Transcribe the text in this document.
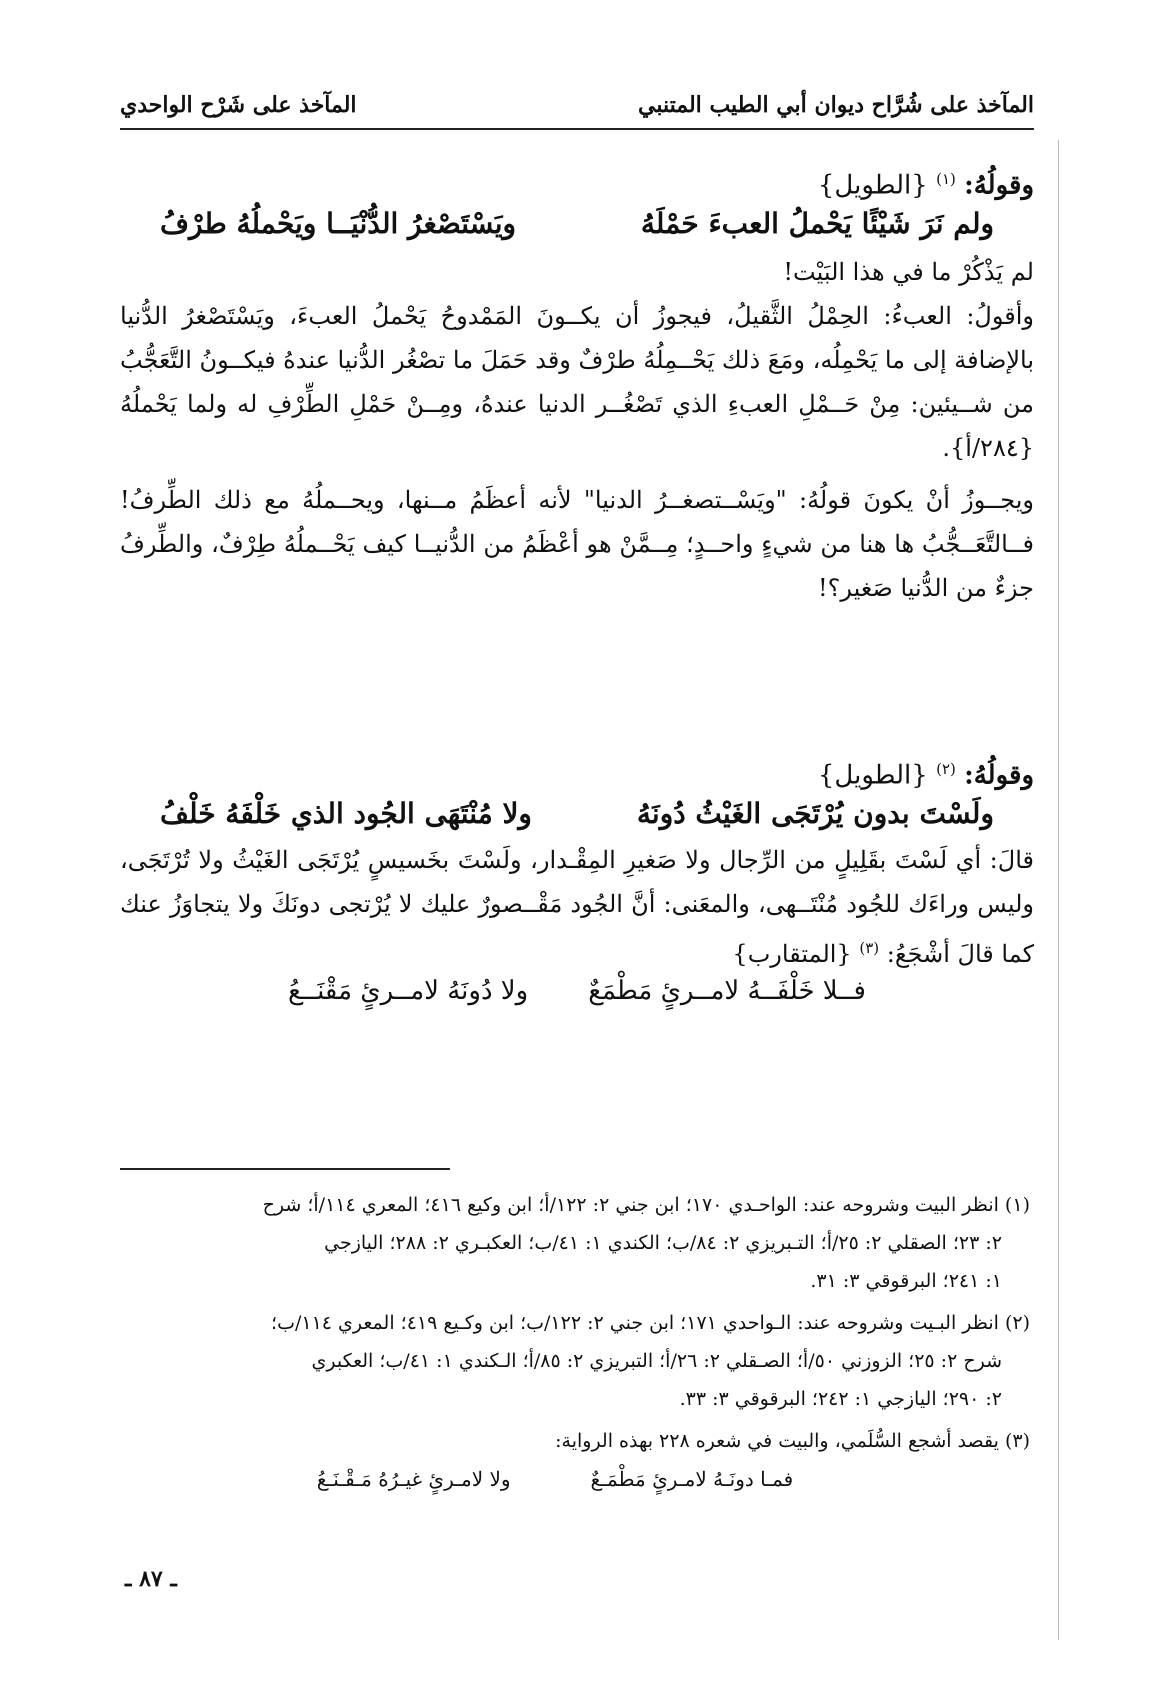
المآخذ على شُرَّاح ديوان أبي الطيب المتنبي
المآخذ على شَرْح الواحدي
وقولُهُ: $^{(١)}$ {الطويل}
ولم نَرَ شَيْئًا يَحْملُ العبءَ حَمْلَهُ
ويَسْتَصْغرُ الدُّنْيَــا ويَحْملُهُ طرْفُ

لم يَذْكُرْ ما في هذا البَيْت!

وأقولُ: العبءُ: الحِمْلُ الثَّقيلُ، فيجوزُ أن يكــونَ المَمْدوحُ يَحْملُ العبءَ، ويَسْتَصْغرُ الدُّنيا بالإضافة إلى ما يَحْمِلُه، ومَعَ ذلك يَحْــمِلُهُ طرْفٌ وقد حَمَلَ ما تصْغُر الدُّنيا عندهُ فيكــونُ التَّعَجُّبُ من شــيئين: مِنْ حَــمْلِ العبءِ الذي تَصْغُــر الدنيا عندهُ، ومِــنْ حَمْلِ الطِّرْفِ له ولما يَحْملُهُ {٢٨٤/أ}.

ويجــوزُ أنْ يكونَ قولُهُ: "ويَسْــتصغــرُ الدنيا" لأنه أعظَمُ مــنها، ويحــملُهُ مع ذلك الطِّرفُ! فــالتَّعَــجُّبُ ها هنا من شيءٍ واحــدٍ؛ مِــمَّنْ هو أعْظَمُ من الدُّنيــا كيف يَحْــملُهُ طِرْفٌ، والطِّرفُ جزءٌ من الدُّنيا صَغير؟!

وقولُهُ: $^{(٢)}$ {الطويل}
ولَسْتَ بدون يُرْتَجَى الغَيْثُ دُونَهُ
ولا مُنْتَهَى الجُود الذي خَلْفَهُ خَلْفُ

قالَ: أي لَسْتَ بقَلِيلٍ من الرِّجال ولا صَغيرِ المِقْـدار، ولَسْتَ بخَسيسٍ يُرْتَجَى الغَيْثُ ولا تُرْتَجَى، وليس وراءَك للجُود مُنْتَــهى، والمعَنى: أنَّ الجُود مَقْــصورٌ عليك لا يُرْتجى دونَكَ ولا يتجاوَزُ عنك كما قالَ أشْجَعُ: $^{(٣)}$ {المتقارب}

فــلا خَلْفَــهُ لامــرئٍ مَطْمَعٌ
ولا دُونَهُ لامــرئٍ مَقْنَــعُ
(١) انظر البيت وشروحه عند: الواحـدي ١٧٠؛ ابن جني ٢: ١٢٢/أ؛ ابن وكيع ٤١٦؛ المعري ١١٤/أ؛ شرح
٢: ٢٣؛ الصقلي ٢: ٢٥/أ؛ التـبريزي ٢: ٨٤/ب؛ الكندي ١: ٤١/ب؛ العكبـري ٢: ٢٨٨؛ اليازجي
١: ٢٤١؛ البرقوقي ٣: ٣١.
(٢) انظر البـيت وشروحه عند: الـواحدي ١٧١؛ ابن جني ٢: ١٢٢/ب؛ ابن وكـيع ٤١٩؛ المعري ١١٤/ب؛
شرح ٢: ٢٥؛ الزوزني ٥٠/أ؛ الصـقلي ٢: ٢٦/أ؛ التبريزي ٢: ٨٥/أ؛ الـكندي ١: ٤١/ب؛ العكبري
٢: ٢٩٠؛ اليازجي ١: ٢٤٢؛ البرقوقي ٣: ٣٣.
(٣) يقصد أشجع السُّلَمي، والبيت في شعره ٢٢٨ بهذه الرواية:
فمـا دونَـهُ لامـرئٍ مَطْمَـعٌ
ولا لامـرئٍ غيـرُهُ مَـقْـنَـعُ
ـ ٨٧ ـ
